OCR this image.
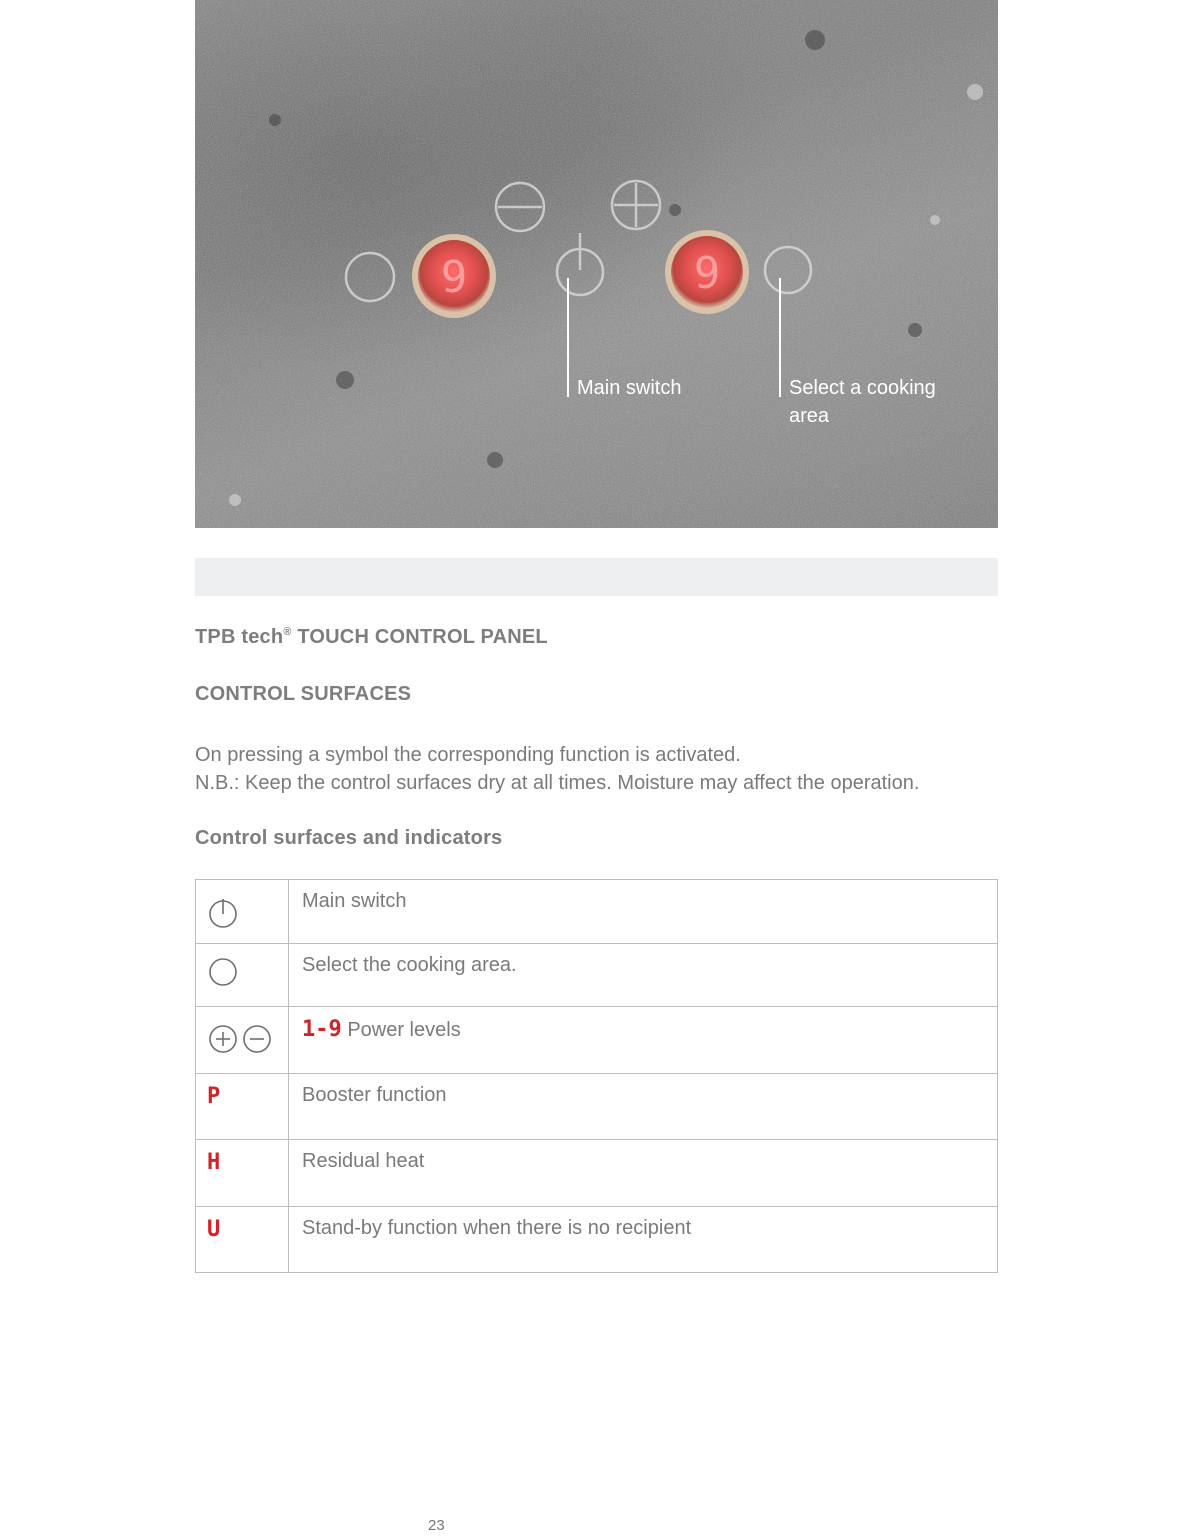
9	9
Main switch	Select a cooking
area
TPB tech® TOUCH CONTROL PANEL
CONTROL SURFACES
On pressing a symbol the corresponding function is activated.
N.B.: Keep the control surfaces dry at all times. Moisture may affect the operation.
Control surfaces and indicators
	Main switch

	Select the cooking area.

	1-9 Power levels

P	Booster function

H	Residual heat

U	Stand-by function when there is no recipient
23
